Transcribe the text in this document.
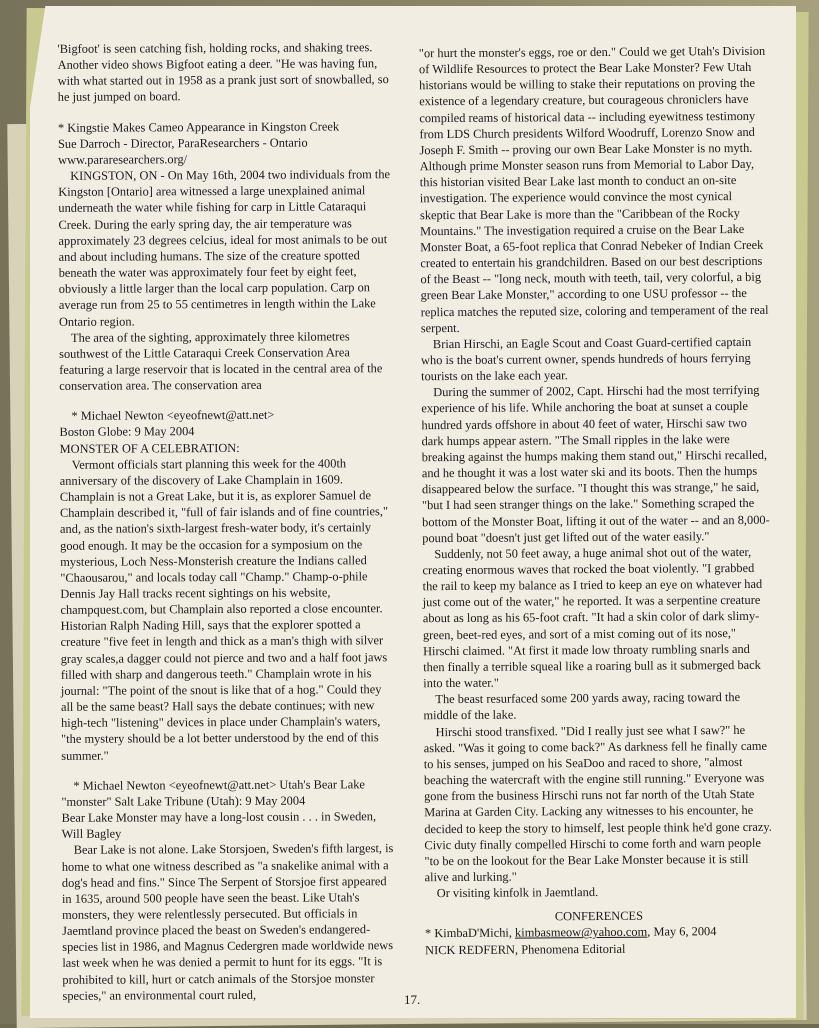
'Bigfoot' is seen catching fish, holding rocks, and shaking trees. Another video shows Bigfoot eating a deer. "He was having fun, with what started out in 1958 as a prank just sort of snowballed, so he just jumped on board.

* Kingstie Makes Cameo Appearance in Kingston Creek

Sue Darroch - Director, ParaResearchers - Ontario

www.pararesearchers.org/

KINGSTON, ON - On May 16th, 2004 two individuals from the Kingston [Ontario] area witnessed a large unexplained animal underneath the water while fishing for carp in Little Cataraqui Creek. During the early spring day, the air temperature was approximately 23 degrees celcius, ideal for most animals to be out and about including humans. The size of the creature spotted beneath the water was approximately four feet by eight feet, obviously a little larger than the local carp population. Carp on average run from 25 to 55 centimetres in length within the Lake Ontario region.

The area of the sighting, approximately three kilometres southwest of the Little Cataraqui Creek Conservation Area featuring a large reservoir that is located in the central area of the conservation area. The conservation area

* Michael Newton <eyeofnewt@att.net>

Boston Globe: 9 May 2004

MONSTER OF A CELEBRATION:

Vermont officials start planning this week for the 400th anniversary of the discovery of Lake Champlain in 1609. Champlain is not a Great Lake, but it is, as explorer Samuel de Champlain described it, "full of fair islands and of fine countries," and, as the nation's sixth-largest fresh-water body, it's certainly good enough. It may be the occasion for a symposium on the mysterious, Loch Ness-Monsterish creature the Indians called "Chaousarou," and locals today call "Champ." Champ-o-phile Dennis Jay Hall tracks recent sightings on his website, champquest.com, but Champlain also reported a close encounter. Historian Ralph Nading Hill, says that the explorer spotted a creature "five feet in length and thick as a man's thigh with silver gray scales,a dagger could not pierce and two and a half foot jaws filled with sharp and dangerous teeth." Champlain wrote in his journal: "The point of the snout is like that of a hog." Could they all be the same beast? Hall says the debate continues; with new high-tech "listening" devices in place under Champlain's waters, "the mystery should be a lot better understood by the end of this summer."

* Michael Newton <eyeofnewt@att.net> Utah's Bear Lake "monster" Salt Lake Tribune (Utah): 9 May 2004

Bear Lake Monster may have a long-lost cousin . . . in Sweden, Will Bagley

Bear Lake is not alone. Lake Storsjoen, Sweden's fifth largest, is home to what one witness described as "a snakelike animal with a dog's head and fins." Since The Serpent of Storsjoe first appeared in 1635, around 500 people have seen the beast. Like Utah's monsters, they were relentlessly persecuted. But officials in Jaemtland province placed the beast on Sweden's endangered-species list in 1986, and Magnus Cedergren made worldwide news last week when he was denied a permit to hunt for its eggs. "It is prohibited to kill, hurt or catch animals of the Storsjoe monster species," an environmental court ruled,

"or hurt the monster's eggs, roe or den." Could we get Utah's Division of Wildlife Resources to protect the Bear Lake Monster? Few Utah historians would be willing to stake their reputations on proving the existence of a legendary creature, but courageous chroniclers have compiled reams of historical data -- including eyewitness testimony from LDS Church presidents Wilford Woodruff, Lorenzo Snow and Joseph F. Smith -- proving our own Bear Lake Monster is no myth. Although prime Monster season runs from Memorial to Labor Day, this historian visited Bear Lake last month to conduct an on-site investigation. The experience would convince the most cynical skeptic that Bear Lake is more than the "Caribbean of the Rocky Mountains." The investigation required a cruise on the Bear Lake Monster Boat, a 65-foot replica that Conrad Nebeker of Indian Creek created to entertain his grandchildren. Based on our best descriptions of the Beast -- "long neck, mouth with teeth, tail, very colorful, a big green Bear Lake Monster," according to one USU professor -- the replica matches the reputed size, coloring and temperament of the real serpent.

Brian Hirschi, an Eagle Scout and Coast Guard-certified captain who is the boat's current owner, spends hundreds of hours ferrying tourists on the lake each year.

During the summer of 2002, Capt. Hirschi had the most terrifying experience of his life. While anchoring the boat at sunset a couple hundred yards offshore in about 40 feet of water, Hirschi saw two dark humps appear astern. "The Small ripples in the lake were breaking against the humps making them stand out," Hirschi recalled, and he thought it was a lost water ski and its boots. Then the humps disappeared below the surface. "I thought this was strange," he said, "but I had seen stranger things on the lake." Something scraped the bottom of the Monster Boat, lifting it out of the water -- and an 8,000-pound boat "doesn't just get lifted out of the water easily."

Suddenly, not 50 feet away, a huge animal shot out of the water, creating enormous waves that rocked the boat violently. "I grabbed the rail to keep my balance as I tried to keep an eye on whatever had just come out of the water," he reported. It was a serpentine creature about as long as his 65-foot craft. "It had a skin color of dark slimy-green, beet-red eyes, and sort of a mist coming out of its nose," Hirschi claimed. "At first it made low throaty rumbling snarls and then finally a terrible squeal like a roaring bull as it submerged back into the water."

The beast resurfaced some 200 yards away, racing toward the middle of the lake.

Hirschi stood transfixed. "Did I really just see what I saw?" he asked. "Was it going to come back?" As darkness fell he finally came to his senses, jumped on his SeaDoo and raced to shore, "almost beaching the watercraft with the engine still running." Everyone was gone from the business Hirschi runs not far north of the Utah State Marina at Garden City. Lacking any witnesses to his encounter, he decided to keep the story to himself, lest people think he'd gone crazy. Civic duty finally compelled Hirschi to come forth and warn people "to be on the lookout for the Bear Lake Monster because it is still alive and lurking."

Or visiting kinfolk in Jaemtland.

CONFERENCES

* KimbaD'Michi, kimbasmeow@yahoo.com, May 6, 2004

NICK REDFERN, Phenomena Editorial

17.
